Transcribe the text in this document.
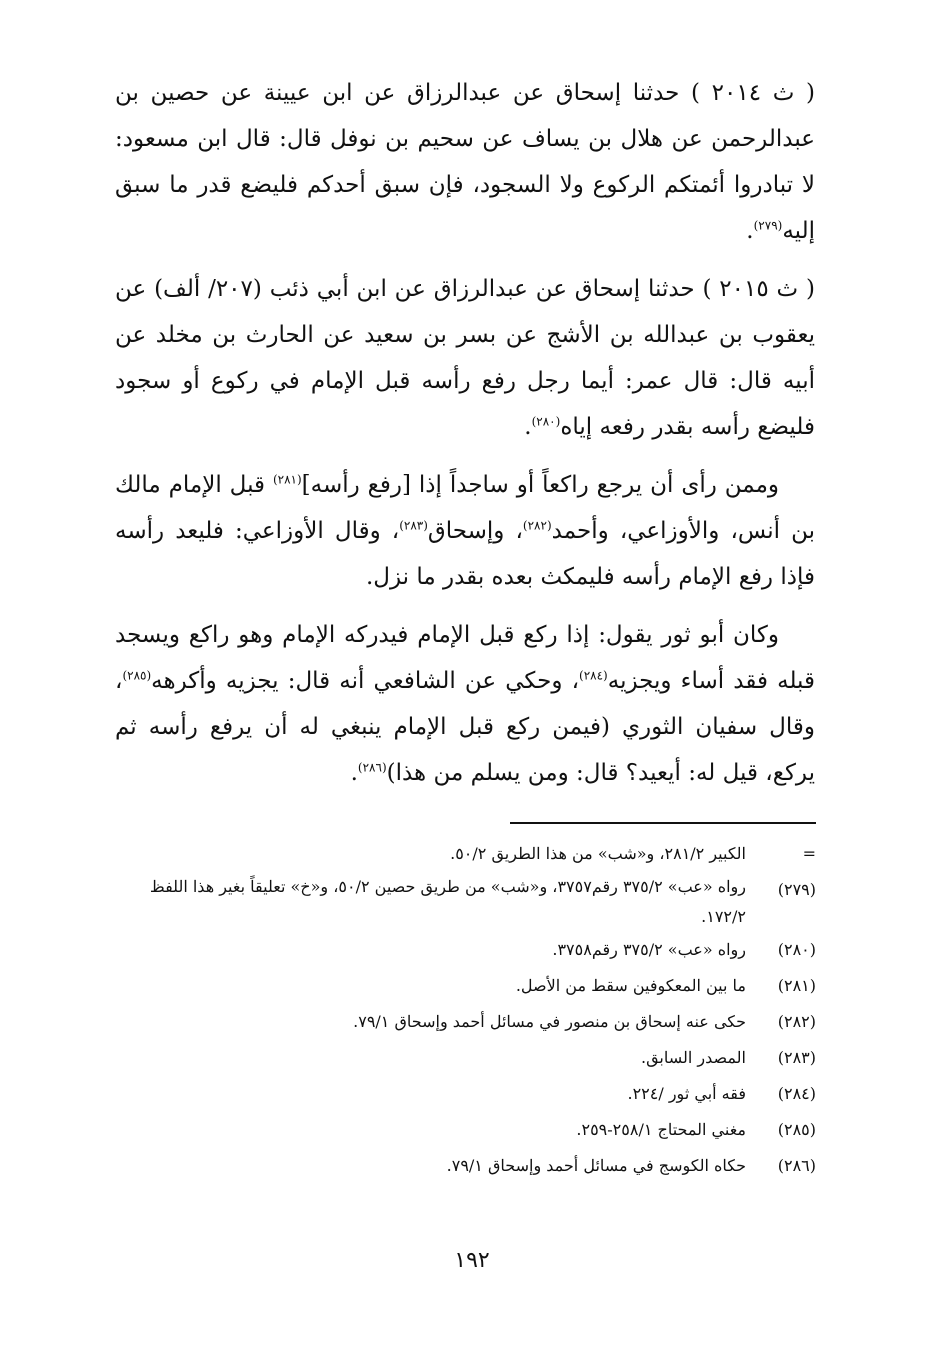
( ث ٢٠١٤ ) حدثنا إسحاق عن عبدالرزاق عن ابن عيينة عن حصين بن عبدالرحمن عن هلال بن يساف عن سحيم بن نوفل قال: قال ابن مسعود: لا تبادروا أئمتكم الركوع ولا السجود، فإن سبق أحدكم فليضع قدر ما سبق إليه$^{(٢٧٩)}$.

( ث ٢٠١٥ ) حدثنا إسحاق عن عبدالرزاق عن ابن أبي ذئب (٢٠٧/ ألف) عن يعقوب بن عبدالله بن الأشج عن بسر بن سعيد عن الحارث بن مخلد عن أبيه قال: قال عمر: أيما رجل رفع رأسه قبل الإمام في ركوع أو سجود فليضع رأسه بقدر رفعه إياه$^{(٢٨٠)}$.

وممن رأى أن يرجع راكعاً أو ساجداً إذا [رفع رأسه]$^{(٢٨١)}$ قبل الإمام مالك بن أنس، والأوزاعي، وأحمد$^{(٢٨٢)}$، وإسحاق$^{(٢٨٣)}$، وقال الأوزاعي: فليعد رأسه فإذا رفع الإمام رأسه فليمكث بعده بقدر ما نزل.

وكان أبو ثور يقول: إذا ركع قبل الإمام فيدركه الإمام وهو راكع ويسجد قبله فقد أساء ويجزيه$^{(٢٨٤)}$، وحكي عن الشافعي أنه قال: يجزيه وأكرهه$^{(٢٨٥)}$، وقال سفيان الثوري (فيمن ركع قبل الإمام ينبغي له أن يرفع رأسه ثم يركع، قيل له: أيعيد؟ قال: ومن يسلم من هذا)$^{(٢٨٦)}$.

=
الكبير ٢٨١/٢، و«شب» من هذا الطريق ٥٠/٢.
(٢٧٩)
رواه «عب» ٣٧٥/٢ رقم٣٧٥٧، و«شب» من طريق حصين ٥٠/٢، و«خ» تعليقاً بغير هذا اللفظ ١٧٢/٢.
(٢٨٠)
رواه «عب» ٣٧٥/٢ رقم٣٧٥٨.
(٢٨١)
ما بين المعكوفين سقط من الأصل.
(٢٨٢)
حكى عنه إسحاق بن منصور في مسائل أحمد وإسحاق ٧٩/١.
(٢٨٣)
المصدر السابق.
(٢٨٤)
فقه أبي ثور /٢٢٤.
(٢٨٥)
مغني المحتاج ٢٥٨/١-٢٥٩.
(٢٨٦)
حكاه الكوسج في مسائل أحمد وإسحاق ٧٩/١.
١٩٢
